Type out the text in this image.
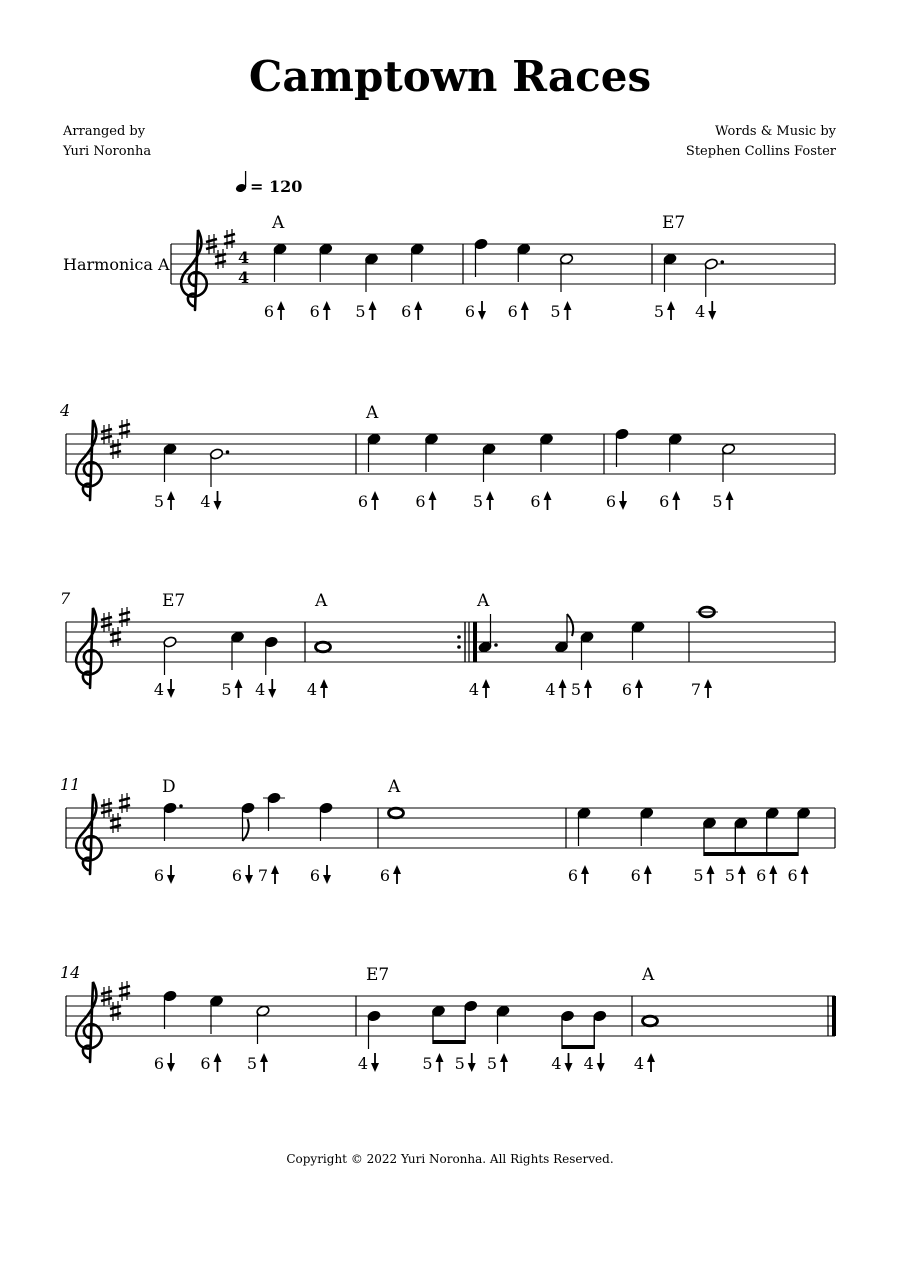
Camptown Races
Arranged by
Yuri Noronha
Words & Music by
Stephen Collins Foster
Copyright © 2022 Yuri Noronha. All Rights Reserved.
= 120
Harmonica A	4
4
A
6 6 5 6	6 6 5
E7
5 4
4
5 4
A
6	6	5	6	6	6	5
7	E7
4	5 4
A
4
A
4	4 5	6	7
11	D
6	6 7	6
A
6	6	6	5 5 6 6
14
6 6 5
E7
4	5 5 5	4 4
A
4
